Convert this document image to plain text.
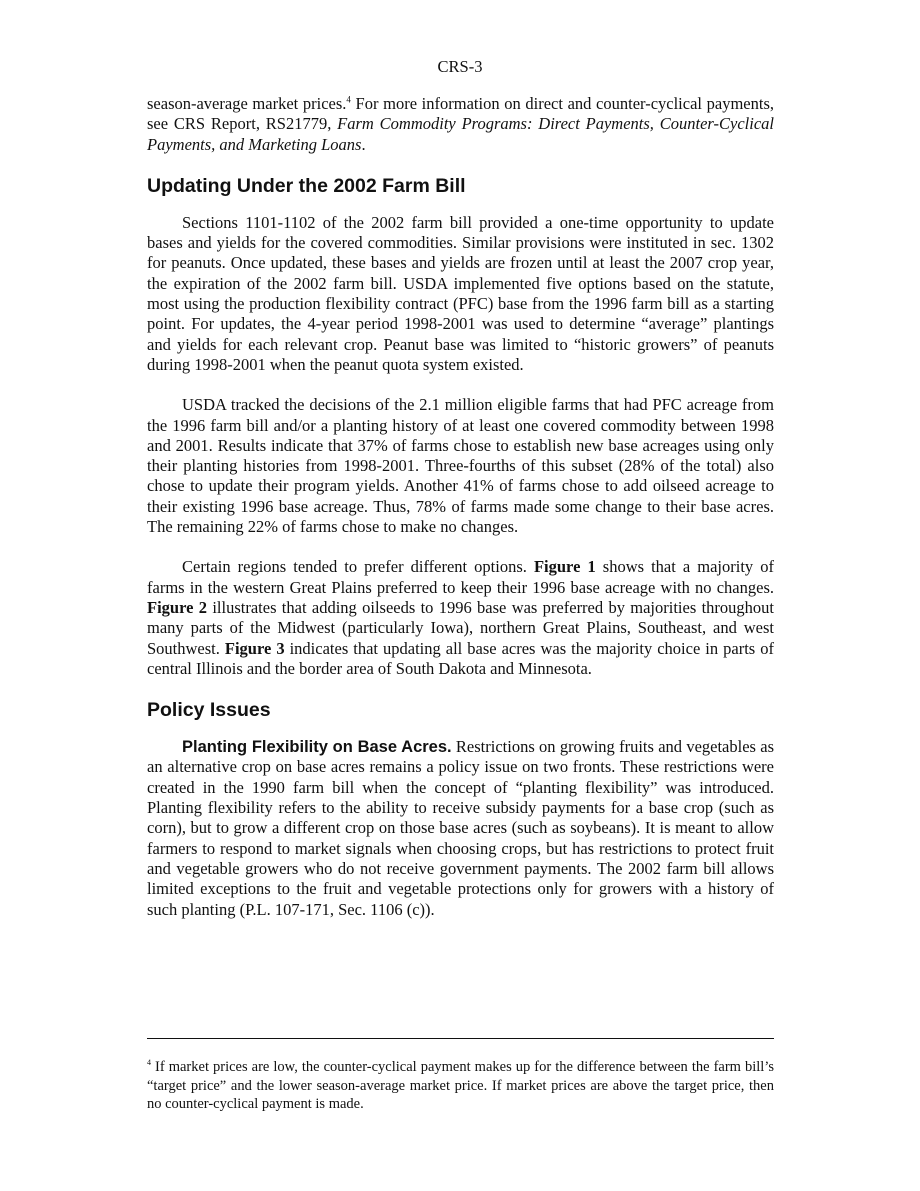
CRS-3

season-average market prices.$^4$ For more information on direct and counter-cyclical payments, see CRS Report, RS21779, Farm Commodity Programs: Direct Payments, Counter-Cyclical Payments, and Marketing Loans.

Updating Under the 2002 Farm Bill

Sections 1101-1102 of the 2002 farm bill provided a one-time opportunity to update bases and yields for the covered commodities. Similar provisions were instituted in sec. 1302 for peanuts. Once updated, these bases and yields are frozen until at least the 2007 crop year, the expiration of the 2002 farm bill. USDA implemented five options based on the statute, most using the production flexibility contract (PFC) base from the 1996 farm bill as a starting point. For updates, the 4-year period 1998-2001 was used to determine “average” plantings and yields for each relevant crop. Peanut base was limited to “historic growers” of peanuts during 1998-2001 when the peanut quota system existed.

USDA tracked the decisions of the 2.1 million eligible farms that had PFC acreage from the 1996 farm bill and/or a planting history of at least one covered commodity between 1998 and 2001. Results indicate that 37% of farms chose to establish new base acreages using only their planting histories from 1998-2001. Three-fourths of this subset (28% of the total) also chose to update their program yields. Another 41% of farms chose to add oilseed acreage to their existing 1996 base acreage. Thus, 78% of farms made some change to their base acres. The remaining 22% of farms chose to make no changes.

Certain regions tended to prefer different options. Figure 1 shows that a majority of farms in the western Great Plains preferred to keep their 1996 base acreage with no changes. Figure 2 illustrates that adding oilseeds to 1996 base was preferred by majorities throughout many parts of the Midwest (particularly Iowa), northern Great Plains, Southeast, and west Southwest. Figure 3 indicates that updating all base acres was the majority choice in parts of central Illinois and the border area of South Dakota and Minnesota.

Policy Issues

Planting Flexibility on Base Acres. Restrictions on growing fruits and vegetables as an alternative crop on base acres remains a policy issue on two fronts. These restrictions were created in the 1990 farm bill when the concept of “planting flexibility” was introduced. Planting flexibility refers to the ability to receive subsidy payments for a base crop (such as corn), but to grow a different crop on those base acres (such as soybeans). It is meant to allow farmers to respond to market signals when choosing crops, but has restrictions to protect fruit and vegetable growers who do not receive government payments. The 2002 farm bill allows limited exceptions to the fruit and vegetable protections only for growers with a history of such planting (P.L. 107-171, Sec. 1106 (c)).

$^4$ If market prices are low, the counter-cyclical payment makes up for the difference between the farm bill’s “target price” and the lower season-average market price. If market prices are above the target price, then no counter-cyclical payment is made.
